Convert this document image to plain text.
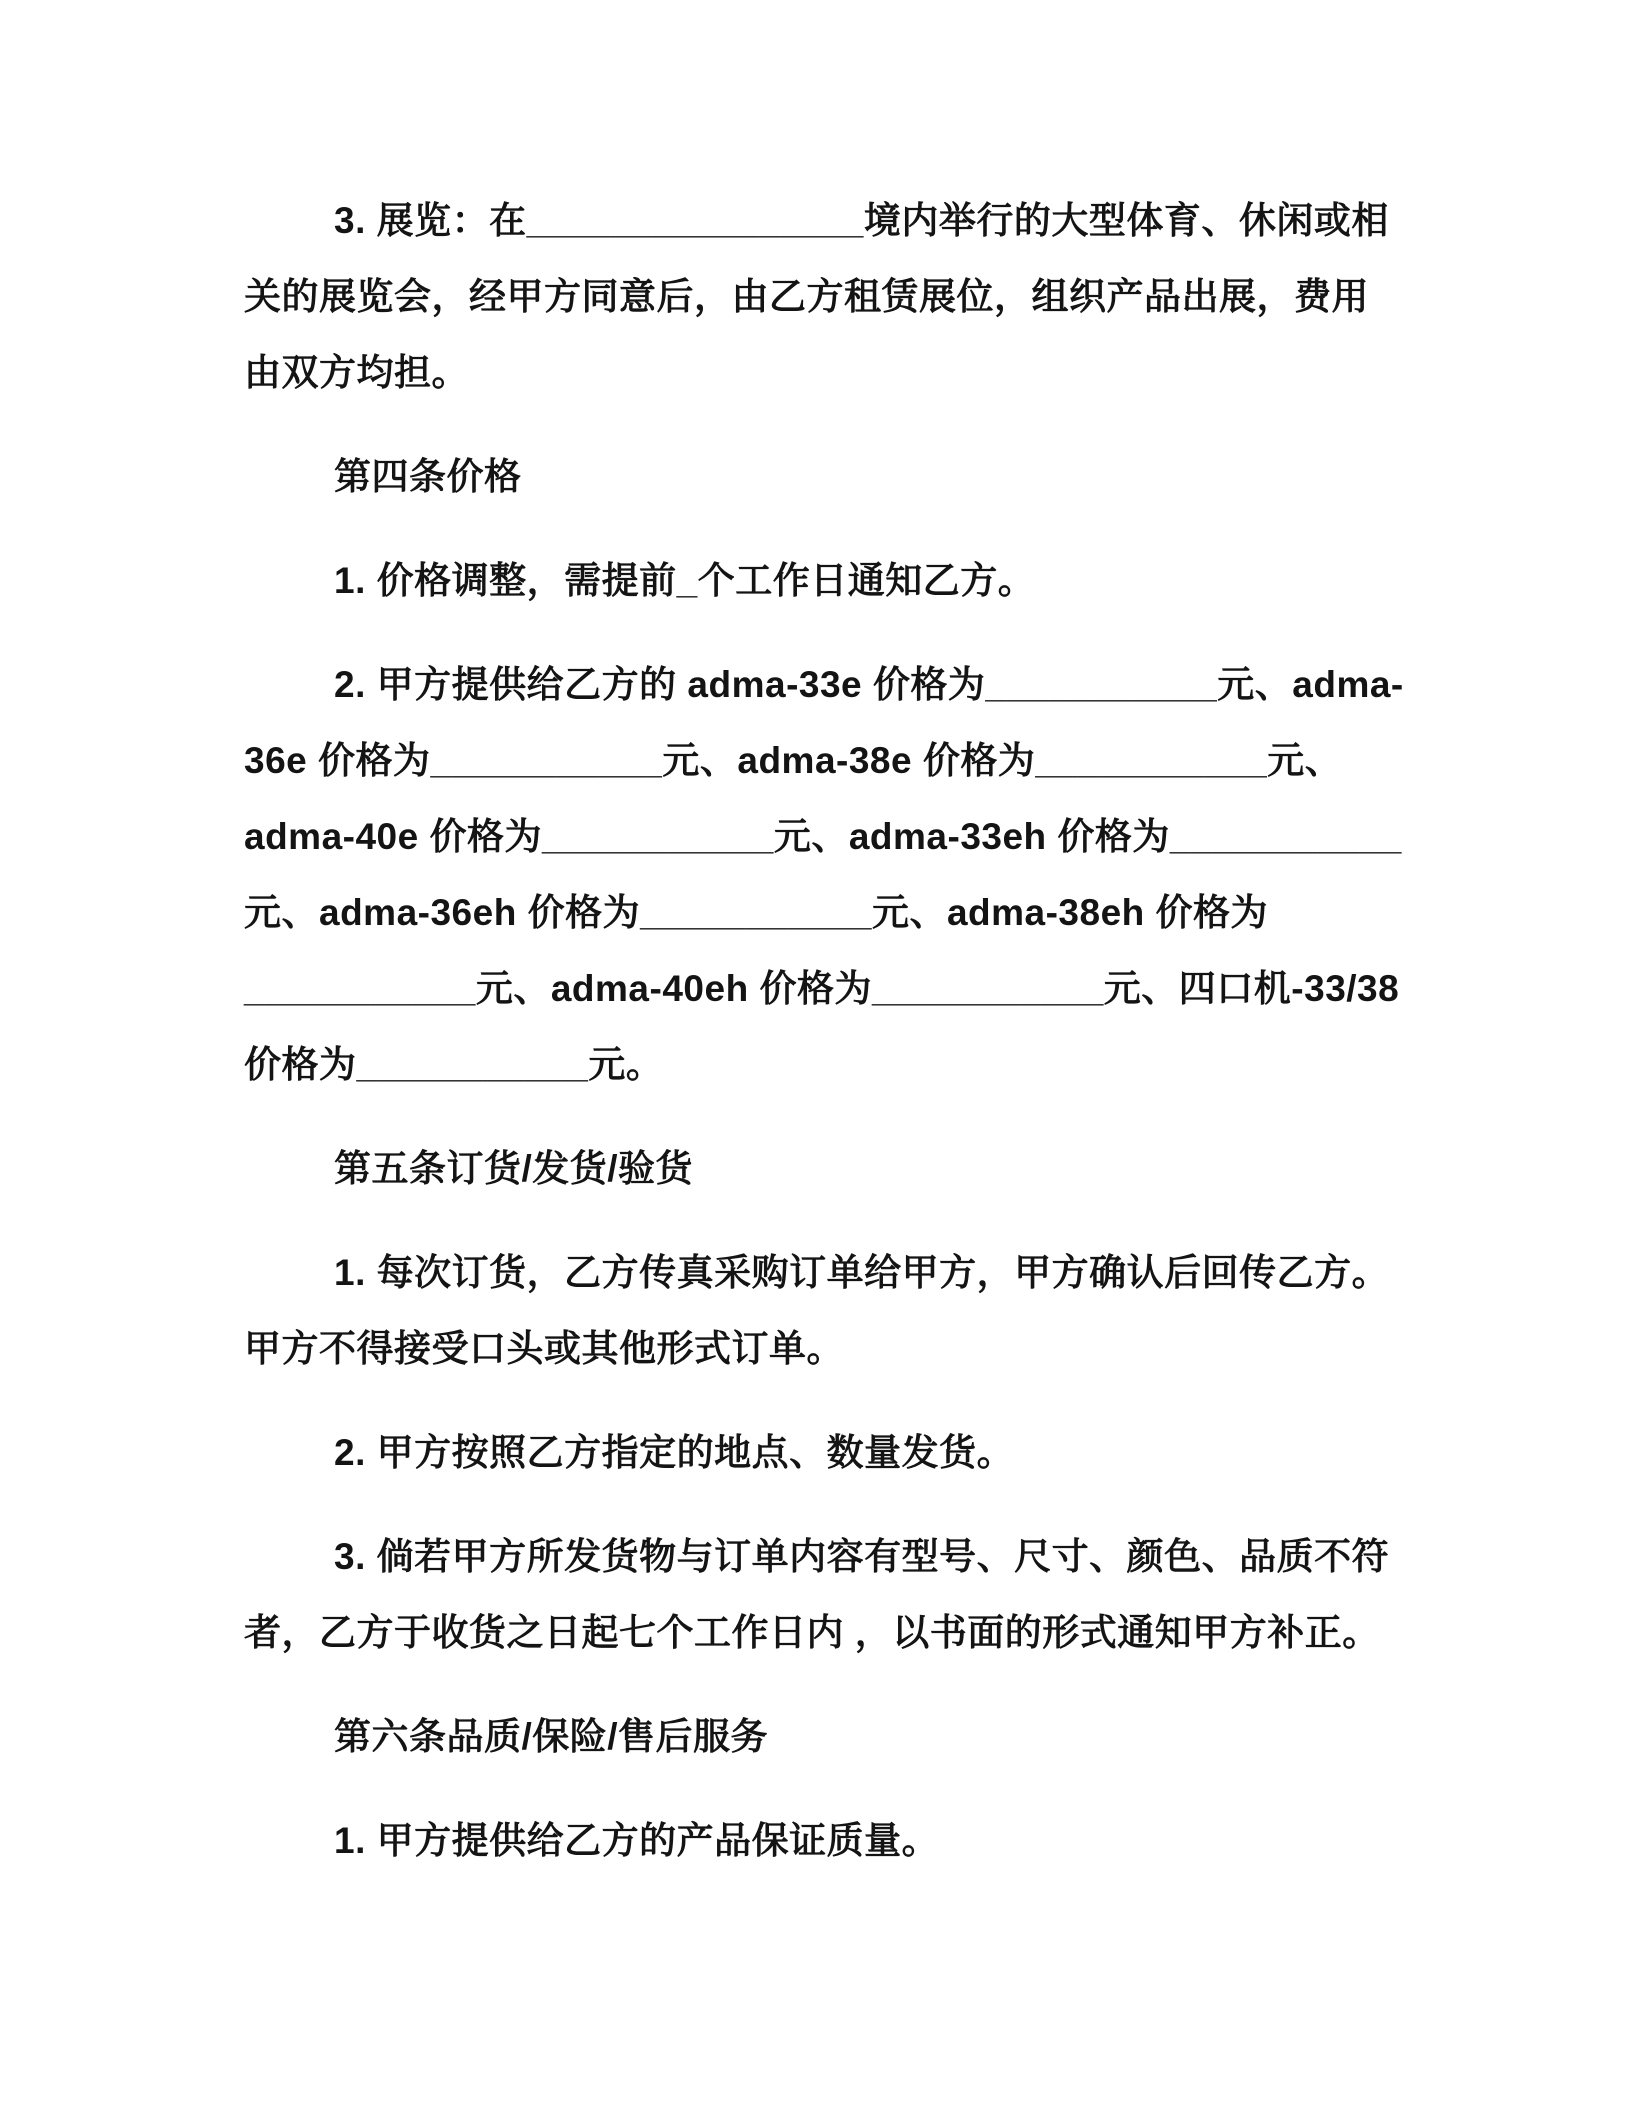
3. 展览：在________________境内举行的大型体育、休闲或相
关的展览会，经甲方同意后，由乙方租赁展位，组织产品出展，费用
由双方均担。
第四条价格
1. 价格调整，需提前_个工作日通知乙方。
2. 甲方提供给乙方的 adma-33e 价格为___________元、adma-
36e 价格为___________元、adma-38e 价格为___________元、
adma-40e 价格为___________元、adma-33eh 价格为___________
元、adma-36eh 价格为___________元、adma-38eh 价格为
___________元、adma-40eh 价格为___________元、四口机-33/38
价格为___________元。
第五条订货/发货/验货
1. 每次订货，乙方传真采购订单给甲方，甲方确认后回传乙方。
甲方不得接受口头或其他形式订单。
2. 甲方按照乙方指定的地点、数量发货。
3. 倘若甲方所发货物与订单内容有型号、尺寸、颜色、品质不符
者，乙方于收货之日起七个工作日内 ，以书面的形式通知甲方补正。
第六条品质/保险/售后服务
1. 甲方提供给乙方的产品保证质量。
